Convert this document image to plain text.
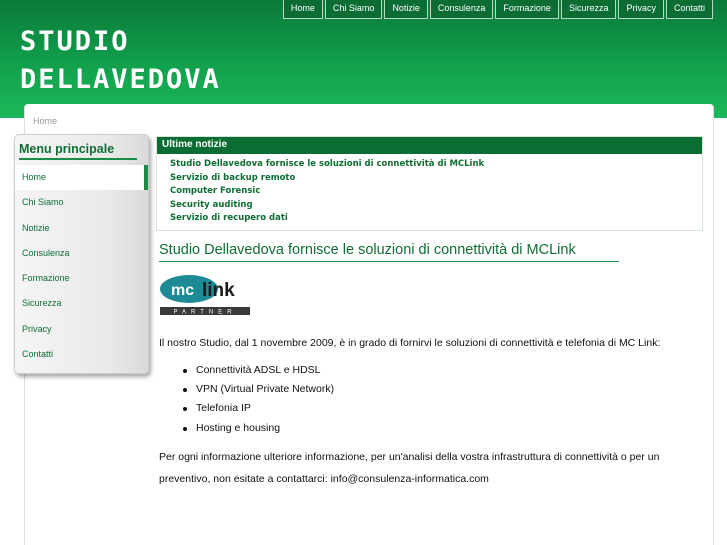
STUDIO
DELLAVEDOVA
Home	Chi Siamo	Notizie	Consulenza	Formazione	Sicurezza	Privacy	Contatti
Home
Menu principale
Home
Chi Siamo
Notizie
Consulenza
Formazione
Sicurezza
Privacy
Contatti
Ultime notizie
Studio Dellavedova fornisce le soluzioni di connettività di MCLink
Servizio di backup remoto
Computer Forensic
Security auditing
Servizio di recupero dati
Studio Dellavedova fornisce le soluzioni di connettività di MCLink
mc link
PARTNER

Il nostro Studio, dal 1 novembre 2009, è in grado di fornirvi le soluzioni di connettività e telefonia di MC Link:

Connettività ADSL e HDSL
VPN (Virtual Private Network)
Telefonia IP
Hosting e housing

Per ogni informazione ulteriore informazione, per un'analisi della vostra infrastruttura di connettività o per un preventivo, non esitate a contattarci: info@consulenza-informatica.com
